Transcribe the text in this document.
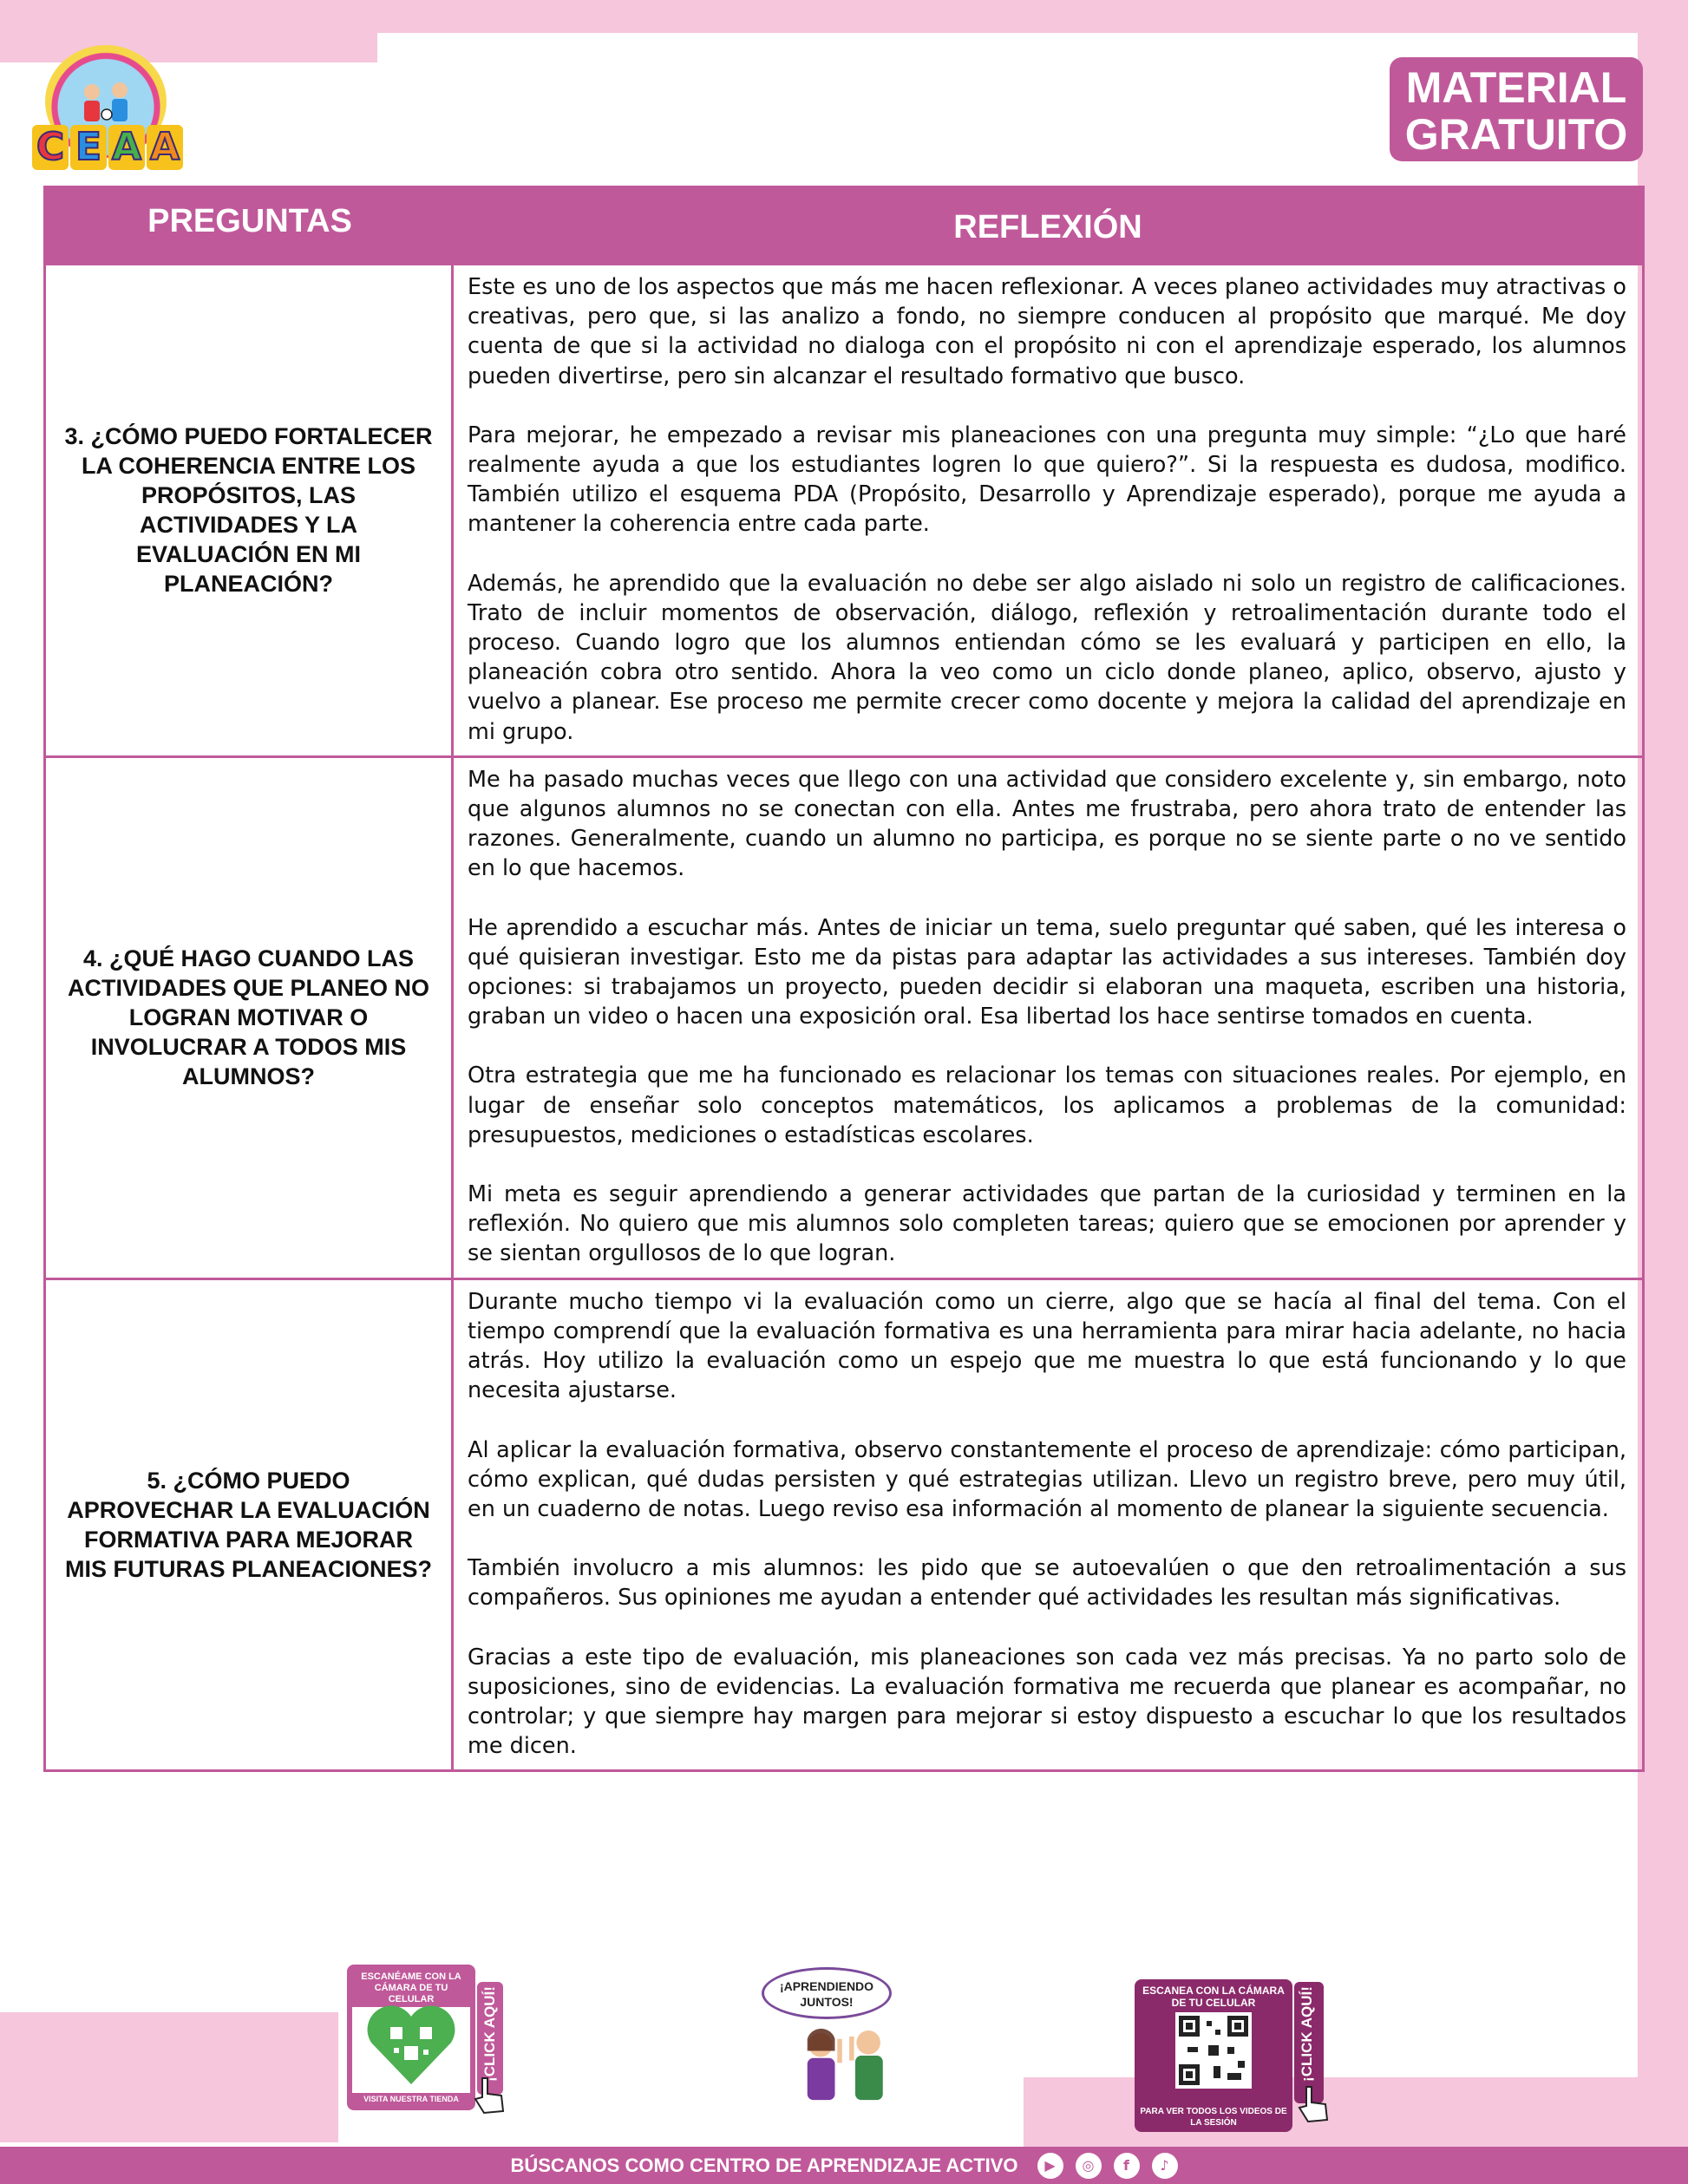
C E A A
MATERIAL
GRATUITO
PREGUNTAS	REFLEXIÓN
3. ¿CÓMO PUEDO FORTALECER LA COHERENCIA ENTRE LOS PROPÓSITOS, LAS ACTIVIDADES Y LA EVALUACIÓN EN MI PLANEACIÓN?

Este es uno de los aspectos que más me hacen reflexionar. A veces planeo actividades muy atractivas o creativas, pero que, si las analizo a fondo, no siempre conducen al propósito que marqué. Me doy cuenta de que si la actividad no dialoga con el propósito ni con el aprendizaje esperado, los alumnos pueden divertirse, pero sin alcanzar el resultado formativo que busco.

Para mejorar, he empezado a revisar mis planeaciones con una pregunta muy simple: “¿Lo que haré realmente ayuda a que los estudiantes logren lo que quiero?”. Si la respuesta es dudosa, modifico. También utilizo el esquema PDA (Propósito, Desarrollo y Aprendizaje esperado), porque me ayuda a mantener la coherencia entre cada parte.

Además, he aprendido que la evaluación no debe ser algo aislado ni solo un registro de calificaciones. Trato de incluir momentos de observación, diálogo, reflexión y retroalimentación durante todo el proceso. Cuando logro que los alumnos entiendan cómo se les evaluará y participen en ello, la planeación cobra otro sentido. Ahora la veo como un ciclo donde planeo, aplico, observo, ajusto y vuelvo a planear. Ese proceso me permite crecer como docente y mejora la calidad del aprendizaje en mi grupo.

4. ¿QUÉ HAGO CUANDO LAS ACTIVIDADES QUE PLANEO NO LOGRAN MOTIVAR O INVOLUCRAR A TODOS MIS ALUMNOS?

Me ha pasado muchas veces que llego con una actividad que considero excelente y, sin embargo, noto que algunos alumnos no se conectan con ella. Antes me frustraba, pero ahora trato de entender las razones. Generalmente, cuando un alumno no participa, es porque no se siente parte o no ve sentido en lo que hacemos.

He aprendido a escuchar más. Antes de iniciar un tema, suelo preguntar qué saben, qué les interesa o qué quisieran investigar. Esto me da pistas para adaptar las actividades a sus intereses. También doy opciones: si trabajamos un proyecto, pueden decidir si elaboran una maqueta, escriben una historia, graban un video o hacen una exposición oral. Esa libertad los hace sentirse tomados en cuenta.

Otra estrategia que me ha funcionado es relacionar los temas con situaciones reales. Por ejemplo, en lugar de enseñar solo conceptos matemáticos, los aplicamos a problemas de la comunidad: presupuestos, mediciones o estadísticas escolares.

Mi meta es seguir aprendiendo a generar actividades que partan de la curiosidad y terminen en la reflexión. No quiero que mis alumnos solo completen tareas; quiero que se emocionen por aprender y se sientan orgullosos de lo que logran.

5. ¿CÓMO PUEDO APROVECHAR LA EVALUACIÓN FORMATIVA PARA MEJORAR MIS FUTURAS PLANEACIONES?

Durante mucho tiempo vi la evaluación como un cierre, algo que se hacía al final del tema. Con el tiempo comprendí que la evaluación formativa es una herramienta para mirar hacia adelante, no hacia atrás. Hoy utilizo la evaluación como un espejo que me muestra lo que está funcionando y lo que necesita ajustarse.

Al aplicar la evaluación formativa, observo constantemente el proceso de aprendizaje: cómo participan, cómo explican, qué dudas persisten y qué estrategias utilizan. Llevo un registro breve, pero muy útil, en un cuaderno de notas. Luego reviso esa información al momento de planear la siguiente secuencia.

También involucro a mis alumnos: les pido que se autoevalúen o que den retroalimentación a sus compañeros. Sus opiniones me ayudan a entender qué actividades les resultan más significativas.

Gracias a este tipo de evaluación, mis planeaciones son cada vez más precisas. Ya no parto solo de suposiciones, sino de evidencias. La evaluación formativa me recuerda que planear es acompañar, no controlar; y que siempre hay margen para mejorar si estoy dispuesto a escuchar lo que los resultados me dicen.

ESCANÉAME CON LA CÁMARA DE TU CELULAR
VISITA NUESTRA TIENDA
¡CLICK AQUÍ!
¡APRENDIENDO
JUNTOS!
ESCANEA CON LA CÁMARA DE TU CELULAR
PARA VER TODOS LOS VIDEOS DE LA SESIÓN
¡CLICK AQUÍ!
BÚSCANOS COMO CENTRO DE APRENDIZAJE ACTIVO	▶	◎	f	♪
